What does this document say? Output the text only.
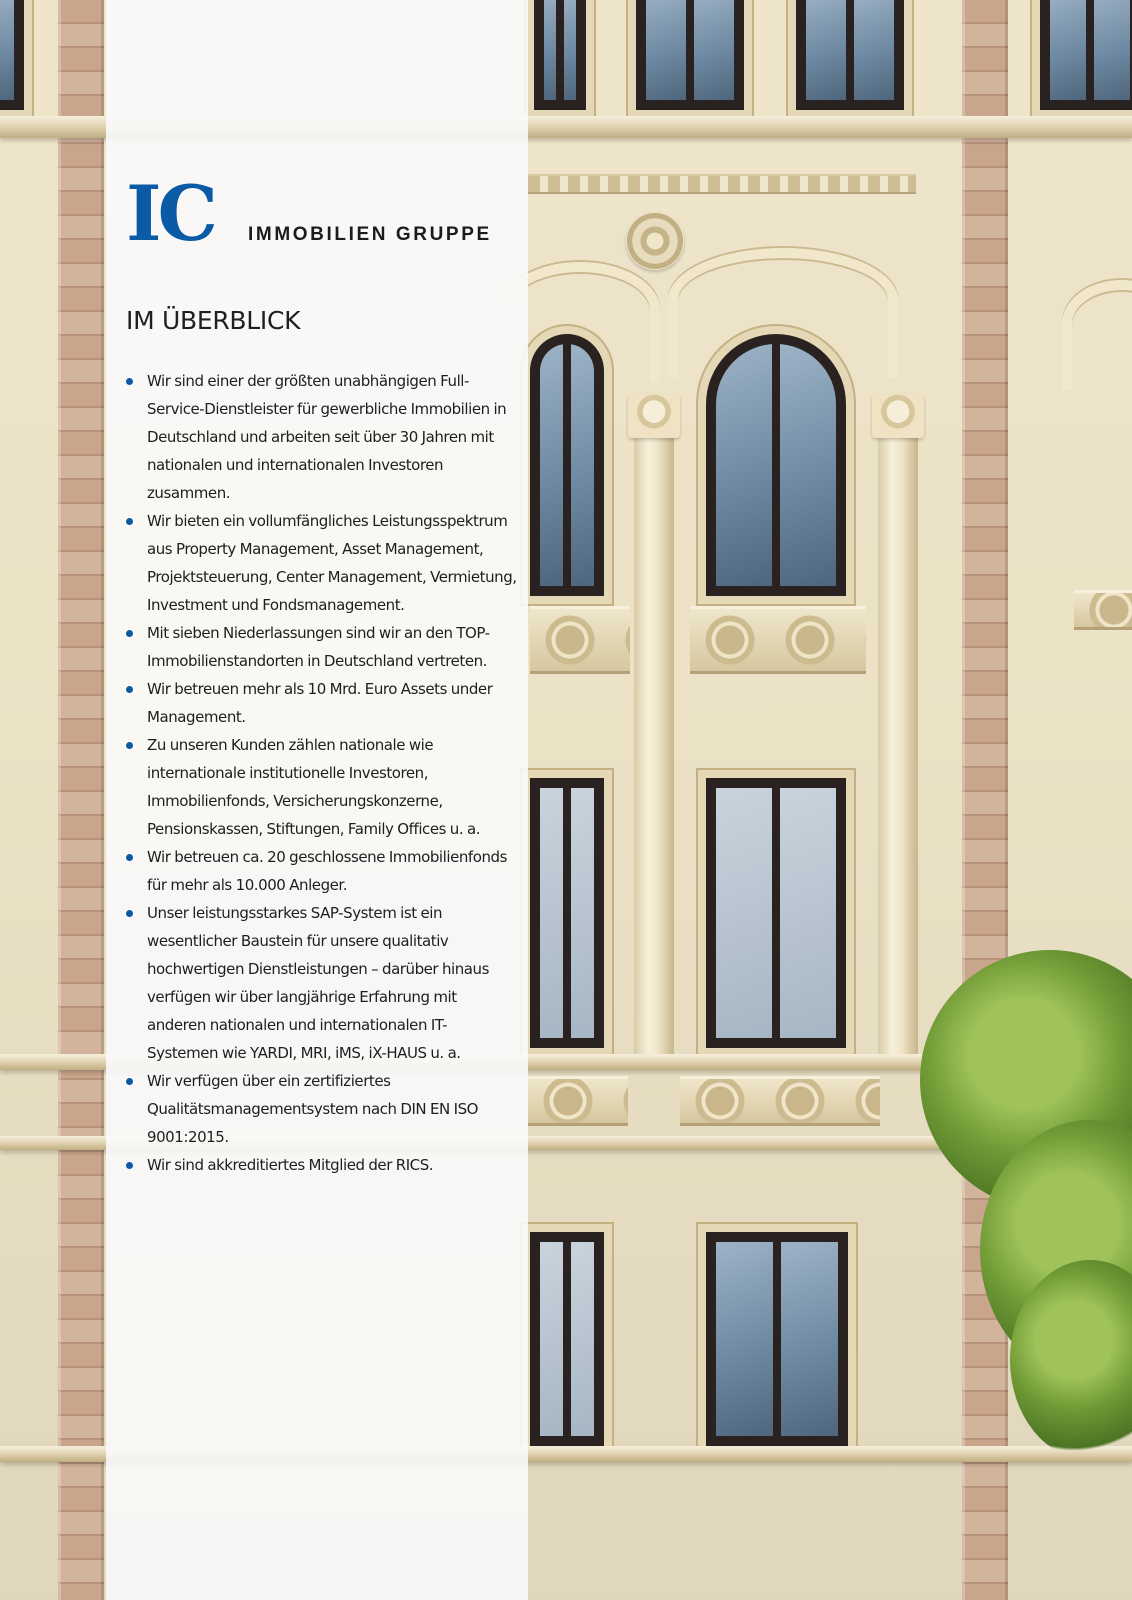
IC IMMOBILIEN GRUPPE
IM ÜBERBLICK
Wir sind einer der größten unabhängigen Full-Service-Dienstleister für gewerbliche Immobilien in Deutschland und arbeiten seit über 30 Jahren mit nationalen und internationalen Investoren zusammen.
Wir bieten ein vollumfängliches Leistungsspektrum aus Property Management, Asset Management, Projektsteuerung, Center Management, Vermietung, Investment und Fondsmanagement.
Mit sieben Niederlassungen sind wir an den TOP-Immobilienstandorten in Deutschland vertreten.
Wir betreuen mehr als 10 Mrd. Euro Assets under Management.
Zu unseren Kunden zählen nationale wie internationale institutionelle Investoren, Immobilienfonds, Versicherungskonzerne, Pensionskassen, Stiftungen, Family Offices u. a.
Wir betreuen ca. 20 geschlossene Immobilienfonds für mehr als 10.000 Anleger.
Unser leistungsstarkes SAP-System ist ein wesentlicher Baustein für unsere qualitativ hochwertigen Dienstleistungen – darüber hinaus verfügen wir über langjährige Erfahrung mit anderen nationalen und internationalen IT-Systemen wie YARDI, MRI, iMS, iX-HAUS u. a.
Wir verfügen über ein zertifiziertes Qualitätsmanagementsystem nach DIN EN ISO 9001:2015.
Wir sind akkreditiertes Mitglied der RICS.
